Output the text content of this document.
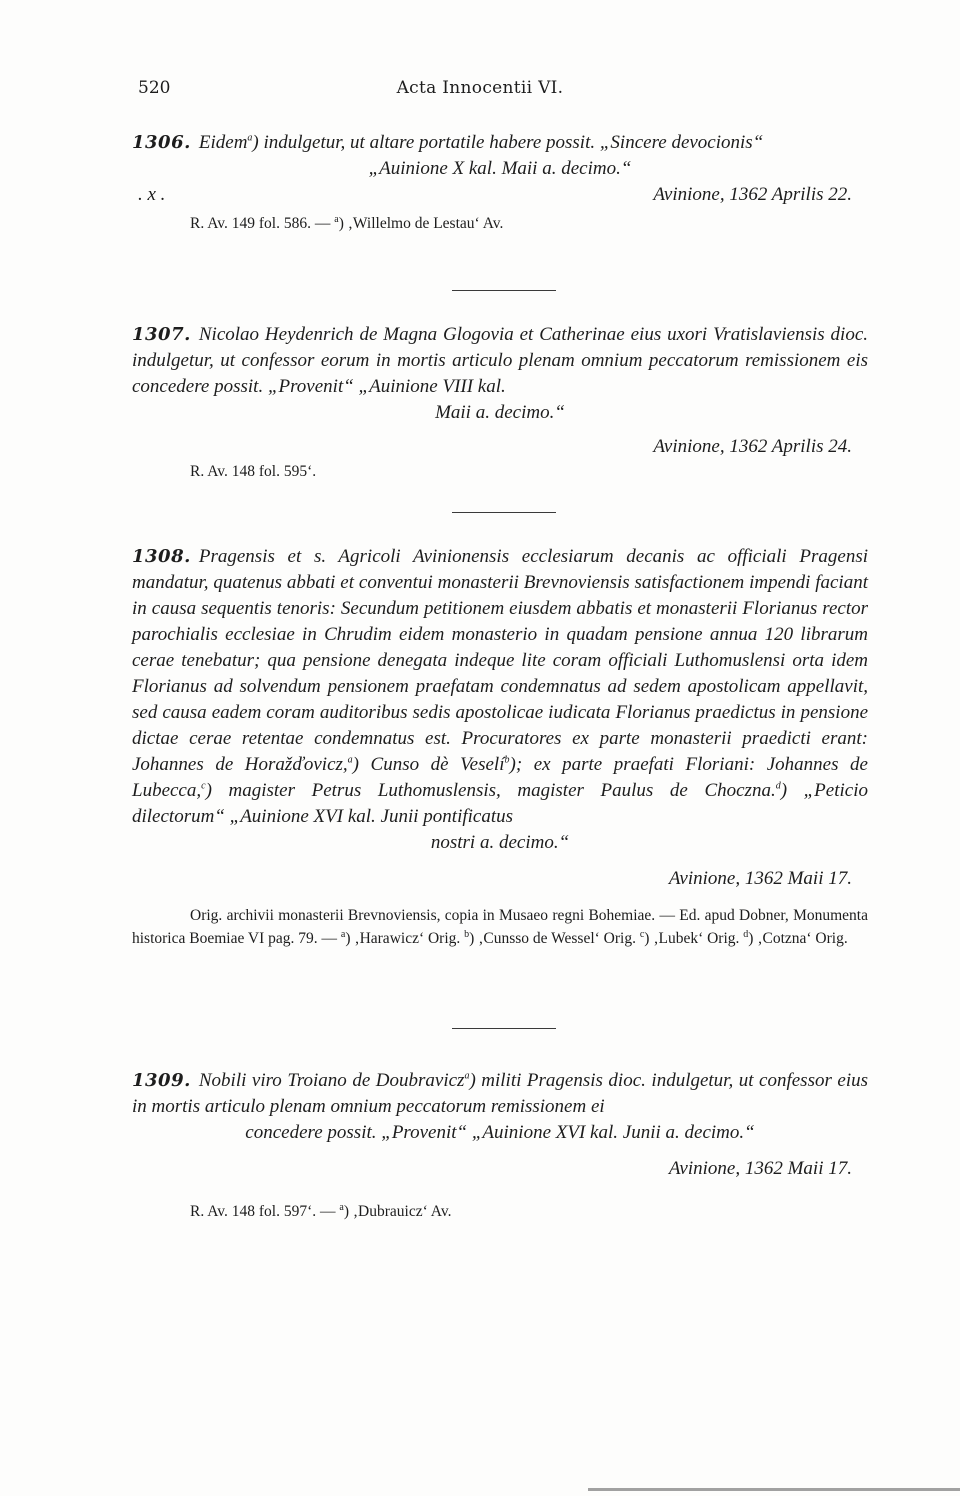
520	Acta Innocentii VI.
1306. Eidem$^a$) indulgetur, ut altare portatile habere possit. „Sincere devocionis“
„Auinione X kal. Maii a. decimo.“
. x .	Avinione, 1362 Aprilis 22.
R. Av. 149 fol. 586. — $^a$) ‚Willelmo de Lestau‘ Av.
1307. Nicolao Heydenrich de Magna Glogovia et Catherinae eius uxori Vratislaviensis dioc. indulgetur, ut confessor eorum in mortis articulo plenam omnium peccatorum remissionem eis concedere possit. „Provenit“ „Auinione VIII kal.
Maii a. decimo.“
Avinione, 1362 Aprilis 24.
R. Av. 148 fol. 595‘.
1308. Pragensis et s. Agricoli Avinionensis ecclesiarum decanis ac officiali Pragensi mandatur, quatenus abbati et conventui monasterii Brevnoviensis satisfactionem impendi faciant in causa sequentis tenoris: Secundum petitionem eiusdem abbatis et monasterii Florianus rector parochialis ecclesiae in Chrudim eidem monasterio in quadam pensione annua 120 librarum cerae tenebatur; qua pensione denegata indeque lite coram officiali Luthomuslensi orta idem Florianus ad solvendum pensionem praefatam condemnatus ad sedem apostolicam appellavit, sed causa eadem coram auditoribus sedis apostolicae iudicata Florianus praedictus in pensione dictae cerae retentae condemnatus est. Procuratores ex parte monasterii praedicti erant: Johannes de Horažďovicz,$^a$) Cunso dè Veselí$^b$); ex parte praefati Floriani: Johannes de Lubecca,$^c$) magister Petrus Luthomuslensis, magister Paulus de Choczna.$^d$) „Peticio dilectorum“ „Auinione XVI kal. Junii pontificatus
nostri a. decimo.“
Avinione, 1362 Maii 17.
Orig. archivii monasterii Brevnoviensis, copia in Musaeo regni Bohemiae. — Ed. apud Dobner, Monumenta historica Boemiae VI pag. 79. — $^a$) ‚Harawicz‘ Orig. $^b$) ‚Cunsso de Wessel‘ Orig. $^c$) ‚Lubek‘ Orig. $^d$) ‚Cotzna‘ Orig.
1309. Nobili viro Troiano de Doubravicz$^a$) militi Pragensis dioc. indulgetur, ut confessor eius in mortis articulo plenam omnium peccatorum remissionem ei
concedere possit. „Provenit“ „Auinione XVI kal. Junii a. decimo.“
Avinione, 1362 Maii 17.
R. Av. 148 fol. 597‘. — $^a$) ‚Dubrauicz‘ Av.
